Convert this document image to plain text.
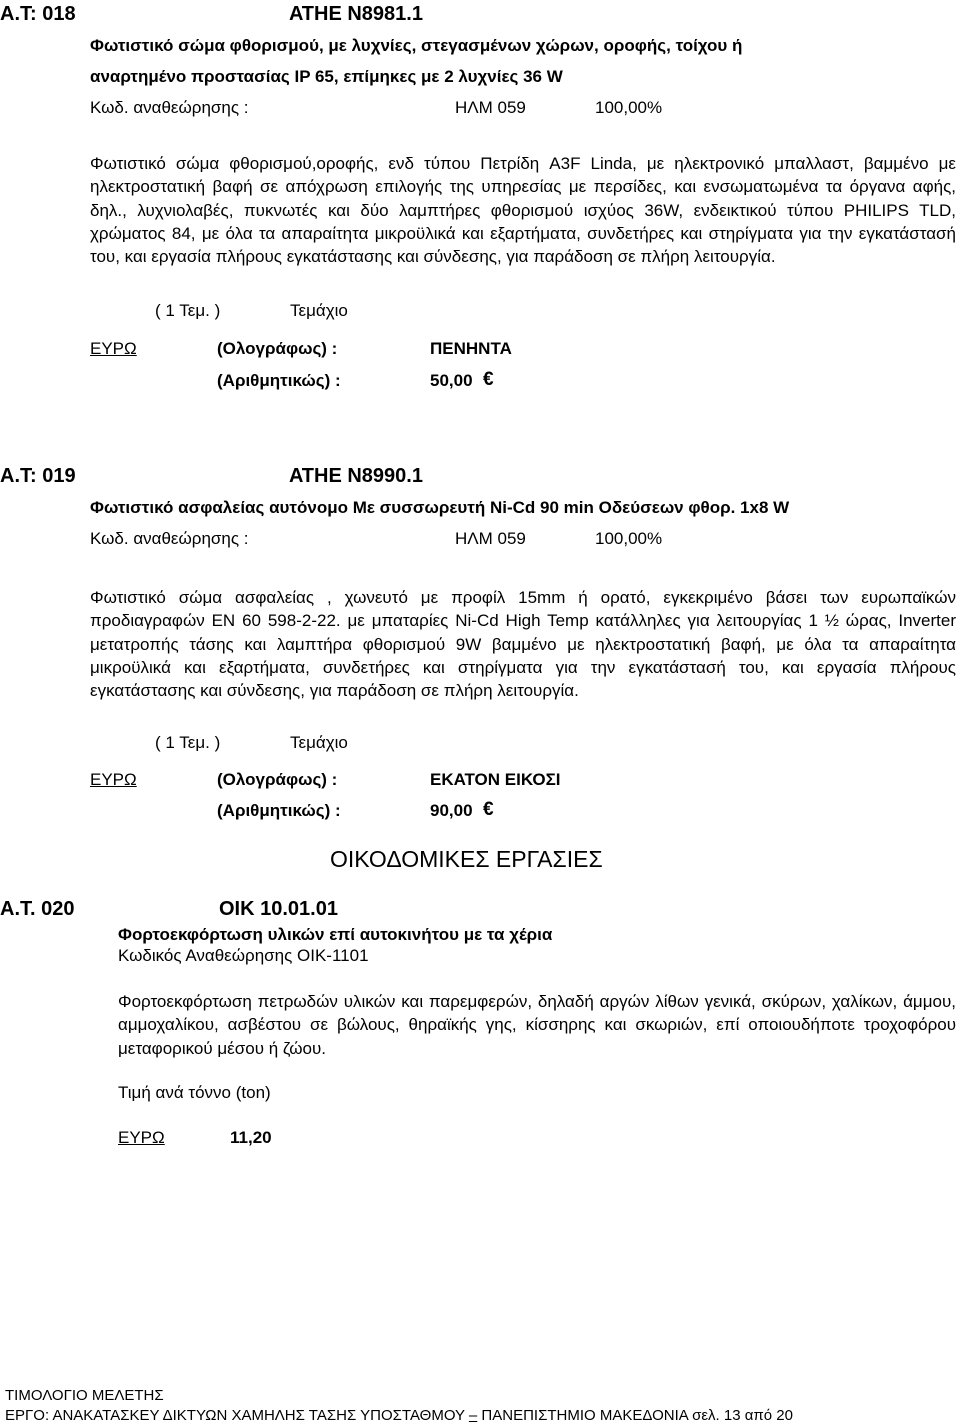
Α.Τ: 018	ΑΤΗΕ Ν8981.1
Φωτιστικό σώμα φθορισμού, με λυχνίες, στεγασμένων χώρων, οροφής, τοίχου ή
αναρτημένο προστασίας IP 65, επίμηκες με 2 λυχνίες 36 W
Κωδ. αναθεώρησης :	ΗΛΜ 059	100,00%
Φωτιστικό σώμα φθορισμού,οροφής, ενδ τύπου Πετρίδη A3F Linda, με ηλεκτρονικό μπαλλαστ, βαμμένο με ηλεκτροστατική βαφή σε απόχρωση επιλογής της υπηρεσίας με περσίδες, και ενσωματωμένα τα όργανα αφής, δηλ., λυχνιολαβές, πυκνωτές και δύο λαμπτήρες φθορισμού ισχύος 36W, ενδεικτικού τύπου PHILIPS TLD, χρώματος 84, με όλα τα απαραίτητα μικροϋλικά και εξαρτήματα, συνδετήρες και στηρίγματα για την εγκατάστασή του, και εργασία πλήρους εγκατάστασης και σύνδεσης, για παράδοση σε πλήρη λειτουργία.
( 1 Τεμ. )	Τεμάχιο
ΕΥΡΩ	(Ολογράφως) :	ΠΕΝΗΝΤΑ
(Αριθμητικώς) :	50,00 €
Α.Τ: 019	ΑΤΗΕ Ν8990.1
Φωτιστικό ασφαλείας αυτόνομο Με συσσωρευτή Ni-Cd 90 min Οδεύσεων φθορ. 1x8 W
Κωδ. αναθεώρησης :	ΗΛΜ 059	100,00%
Φωτιστικό σώμα ασφαλείας , χωνευτό με προφίλ 15mm ή ορατό, εγκεκριμένο βάσει των ευρωπαϊκών προδιαγραφών ΕΝ 60 598-2-22. με μπαταρίες Ni-Cd High Temp κατάλληλες για λειτουργίας 1 ½ ώρας, Inverter μετατροπής τάσης και λαμπτήρα φθορισμού 9W βαμμένο με ηλεκτροστατική βαφή, με όλα τα απαραίτητα μικροϋλικά και εξαρτήματα, συνδετήρες και στηρίγματα για την εγκατάστασή του, και εργασία πλήρους εγκατάστασης και σύνδεσης, για παράδοση σε πλήρη λειτουργία.
( 1 Τεμ. )	Τεμάχιο
ΕΥΡΩ	(Ολογράφως) :	ΕΚΑΤΟΝ ΕΙΚΟΣΙ
(Αριθμητικώς) :	90,00 €
ΟΙΚΟΔΟΜΙΚΕΣ ΕΡΓΑΣΙΕΣ
Α.Τ. 020	ΟΙΚ 10.01.01
Φορτοεκφόρτωση υλικών επί αυτοκινήτου με τα χέρια
Κωδικός Αναθεώρησης ΟΙΚ-1101
Φορτοεκφόρτωση πετρωδών υλικών και παρεμφερών, δηλαδή αργών λίθων γενικά, σκύρων, χαλίκων, άμμου, αμμοχαλίκου, ασβέστου σε βώλους, θηραϊκής γης, κίσσηρης και σκωριών, επί οποιουδήποτε τροχοφόρου μεταφορικού μέσου ή ζώου.
Τιμή ανά τόννο (ton)
ΕΥΡΩ	11,20
ΤΙΜΟΛΟΓΙΟ ΜΕΛΕΤΗΣ
ΕΡΓΟ: ΑΝΑΚΑΤΑΣΚΕΥ ΔΙΚΤΥΩΝ ΧΑΜΗΛΗΣ ΤΑΣΗΣ ΥΠΟΣΤΑΘΜΟΥ – ΠΑΝΕΠΙΣΤΗΜΙΟ ΜΑΚΕΔΟΝΙΑ σελ. 13 από 20
